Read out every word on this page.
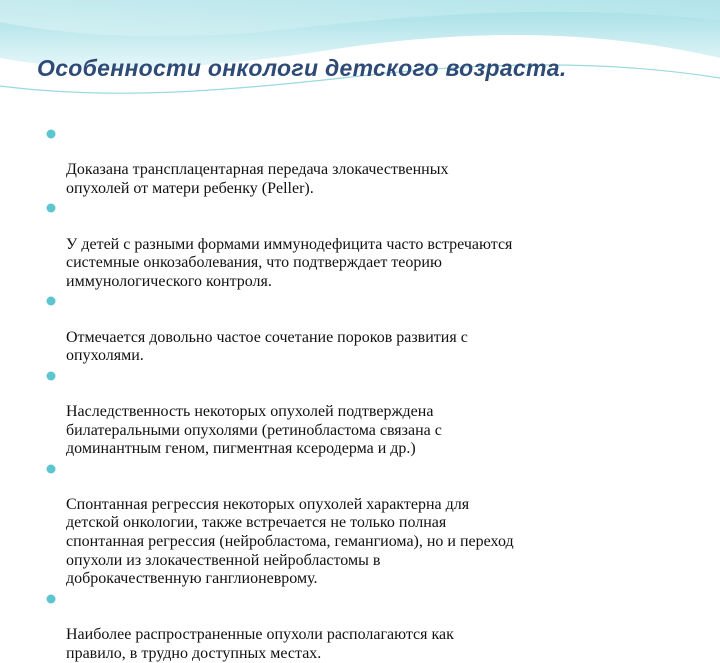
Особенности онкологи детского возраста.

Доказана трансплацентарная передача злокачественных
опухолей от матери ребенку (Peller).

У детей с разными формами иммунодефицита часто встречаются
системные онкозаболевания, что подтверждает теорию
иммунологического контроля.

Отмечается довольно частое сочетание пороков развития с
опухолями.

Наследственность некоторых опухолей подтверждена
билатеральными опухолями (ретинобластома связана с
доминантным геном, пигментная ксеродерма и др.)

Спонтанная регрессия некоторых опухолей характерна для
детской онкологии, также встречается не только полная
спонтанная регрессия (нейробластома, гемангиома), но и переход
опухоли из злокачественной нейробластомы в
доброкачественную ганглионеврому.

Наиболее распространенные опухоли располагаются как
правило, в трудно доступных местах.
